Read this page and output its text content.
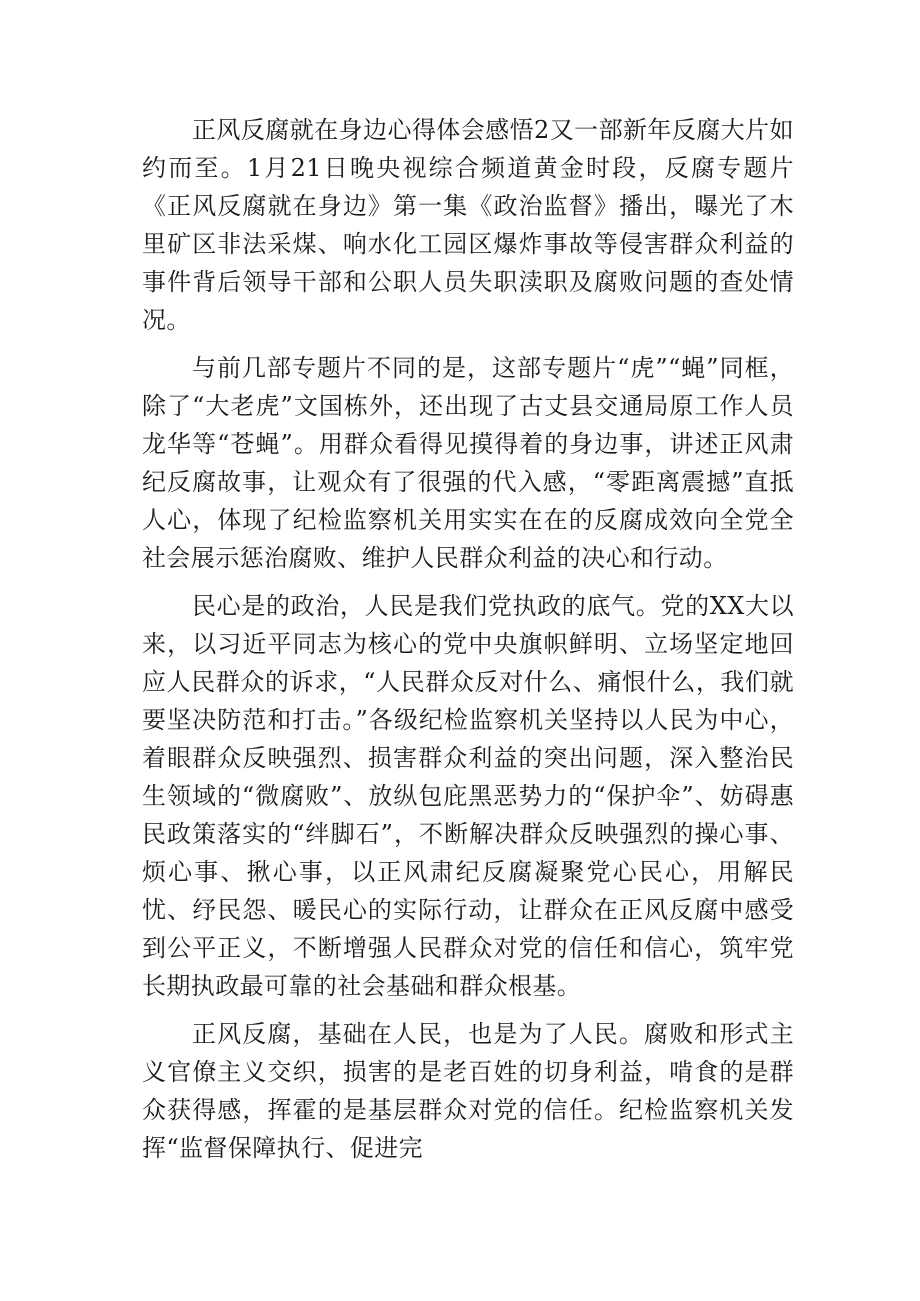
正风反腐就在身边心得体会感悟2又一部新年反腐大片如约而至。1月21日晚央视综合频道黄金时段，反腐专题片《正风反腐就在身边》第一集《政治监督》播出，曝光了木里矿区非法采煤、响水化工园区爆炸事故等侵害群众利益的事件背后领导干部和公职人员失职渎职及腐败问题的查处情况。

与前几部专题片不同的是，这部专题片“虎”“蝇”同框，除了“大老虎”文国栋外，还出现了古丈县交通局原工作人员龙华等“苍蝇”。用群众看得见摸得着的身边事，讲述正风肃纪反腐故事，让观众有了很强的代入感，“零距离震撼”直抵人心，体现了纪检监察机关用实实在在的反腐成效向全党全社会展示惩治腐败、维护人民群众利益的决心和行动。

民心是的政治，人民是我们党执政的底气。党的XX大以来，以习近平同志为核心的党中央旗帜鲜明、立场坚定地回应人民群众的诉求，“人民群众反对什么、痛恨什么，我们就要坚决防范和打击。”各级纪检监察机关坚持以人民为中心，着眼群众反映强烈、损害群众利益的突出问题，深入整治民生领域的“微腐败”、放纵包庇黑恶势力的“保护伞”、妨碍惠民政策落实的“绊脚石”，不断解决群众反映强烈的操心事、烦心事、揪心事，以正风肃纪反腐凝聚党心民心，用解民忧、纾民怨、暖民心的实际行动，让群众在正风反腐中感受到公平正义，不断增强人民群众对党的信任和信心，筑牢党长期执政最可靠的社会基础和群众根基。

正风反腐，基础在人民，也是为了人民。腐败和形式主义官僚主义交织，损害的是老百姓的切身利益，啃食的是群众获得感，挥霍的是基层群众对党的信任。纪检监察机关发挥“监督保障执行、促进完
